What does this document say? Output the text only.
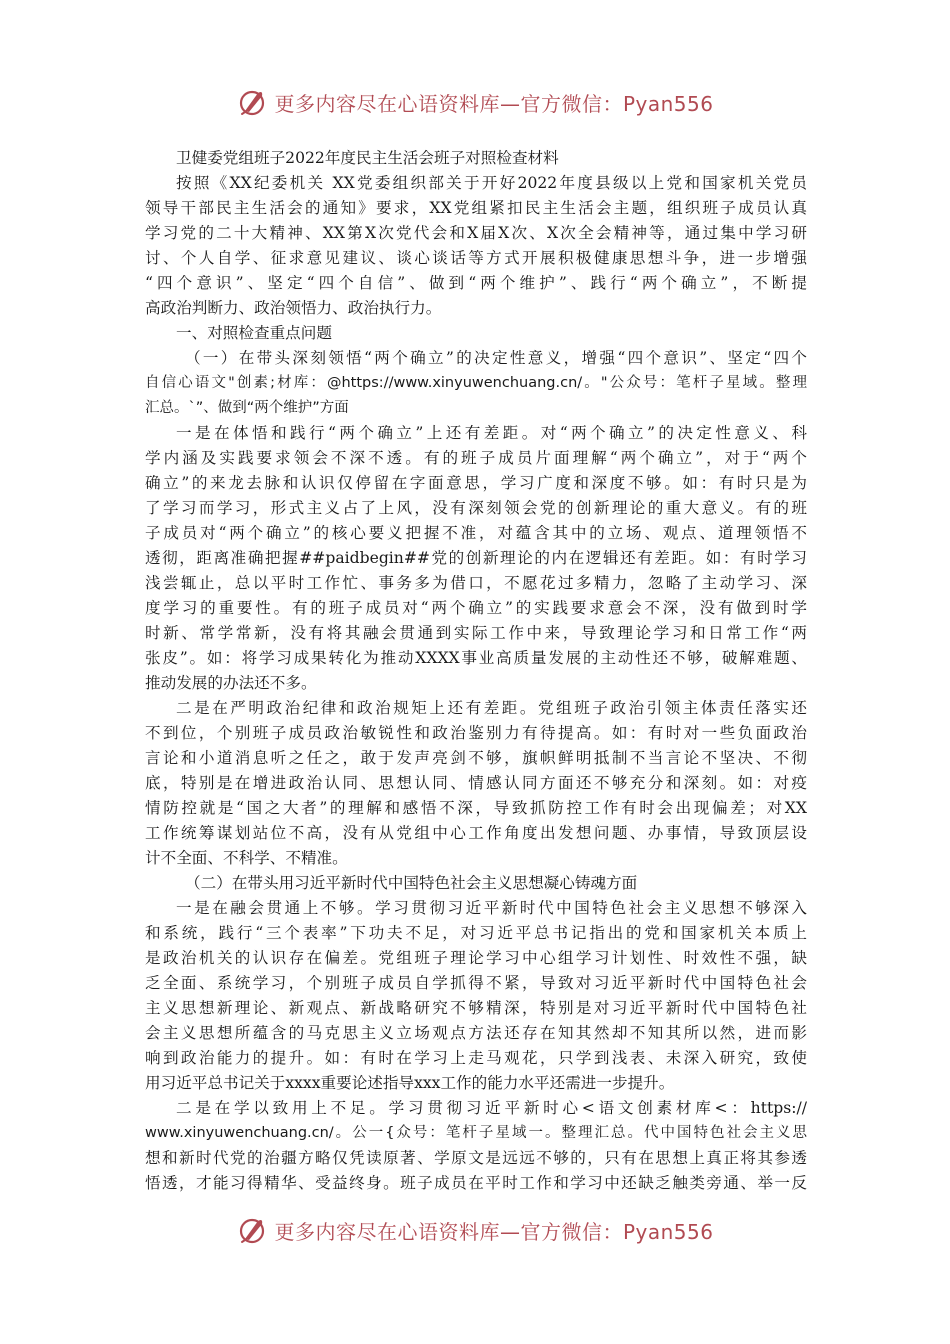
更多内容尽在心语资料库—官方微信：Pyan556
卫健委党组班子2022年度民主生活会班子对照检查材料
按照《XX纪委机关 XX党委组织部关于开好2022年度县级以上党和国家机关党员
领导干部民主生活会的通知》要求，XX党组紧扣民主生活会主题，组织班子成员认真
学习党的二十大精神、XX第X次党代会和X届X次、X次全会精神等，通过集中学习研
讨、个人自学、征求意见建议、谈心谈话等方式开展积极健康思想斗争，进一步增强
“四个意识”、坚定“四个自信”、做到“两个维护”、践行“两个确立”，不断提
高政治判断力、政治领悟力、政治执行力。
一、对照检查重点问题
（一）在带头深刻领悟“两个确立”的决定性意义，增强“四个意识”、坚定“四个
自信心语文"创素;材库：@https://www.xinyuwenchuang.cn/。"公众号：笔杆子星域。整理
汇总。`”、做到“两个维护”方面
一是在体悟和践行“两个确立”上还有差距。对“两个确立”的决定性意义、科
学内涵及实践要求领会不深不透。有的班子成员片面理解“两个确立”，对于“两个
确立”的来龙去脉和认识仅停留在字面意思，学习广度和深度不够。如：有时只是为
了学习而学习，形式主义占了上风，没有深刻领会党的创新理论的重大意义。有的班
子成员对“两个确立”的核心要义把握不准，对蕴含其中的立场、观点、道理领悟不
透彻，距离准确把握##paidbegin##党的创新理论的内在逻辑还有差距。如：有时学习
浅尝辄止，总以平时工作忙、事务多为借口，不愿花过多精力，忽略了主动学习、深
度学习的重要性。有的班子成员对“两个确立”的实践要求意会不深，没有做到时学
时新、常学常新，没有将其融会贯通到实际工作中来，导致理论学习和日常工作“两
张皮”。如：将学习成果转化为推动XXXX事业高质量发展的主动性还不够，破解难题、
推动发展的办法还不多。
二是在严明政治纪律和政治规矩上还有差距。党组班子政治引领主体责任落实还
不到位，个别班子成员政治敏锐性和政治鉴别力有待提高。如：有时对一些负面政治
言论和小道消息听之任之，敢于发声亮剑不够，旗帜鲜明抵制不当言论不坚决、不彻
底，特别是在增进政治认同、思想认同、情感认同方面还不够充分和深刻。如：对疫
情防控就是“国之大者”的理解和感悟不深，导致抓防控工作有时会出现偏差；对XX
工作统筹谋划站位不高，没有从党组中心工作角度出发想问题、办事情，导致顶层设
计不全面、不科学、不精准。
（二）在带头用习近平新时代中国特色社会主义思想凝心铸魂方面
一是在融会贯通上不够。学习贯彻习近平新时代中国特色社会主义思想不够深入
和系统，践行“三个表率”下功夫不足，对习近平总书记指出的党和国家机关本质上
是政治机关的认识存在偏差。党组班子理论学习中心组学习计划性、时效性不强，缺
乏全面、系统学习，个别班子成员自学抓得不紧，导致对习近平新时代中国特色社会
主义思想新理论、新观点、新战略研究不够精深，特别是对习近平新时代中国特色社
会主义思想所蕴含的马克思主义立场观点方法还存在知其然却不知其所以然，进而影
响到政治能力的提升。如：有时在学习上走马观花，只学到浅表、未深入研究，致使
用习近平总书记关于xxxx重要论述指导xxx工作的能力水平还需进一步提升。
二是在学以致用上不足。学习贯彻习近平新时心<语文创素材库<：https://
www.xinyuwenchuang.cn/。公一{众号：笔杆子星域一。整理汇总。代中国特色社会主义思
想和新时代党的治疆方略仅凭读原著、学原文是远远不够的，只有在思想上真正将其参透
悟透，才能习得精华、受益终身。班子成员在平时工作和学习中还缺乏触类旁通、举一反
更多内容尽在心语资料库—官方微信：Pyan556
